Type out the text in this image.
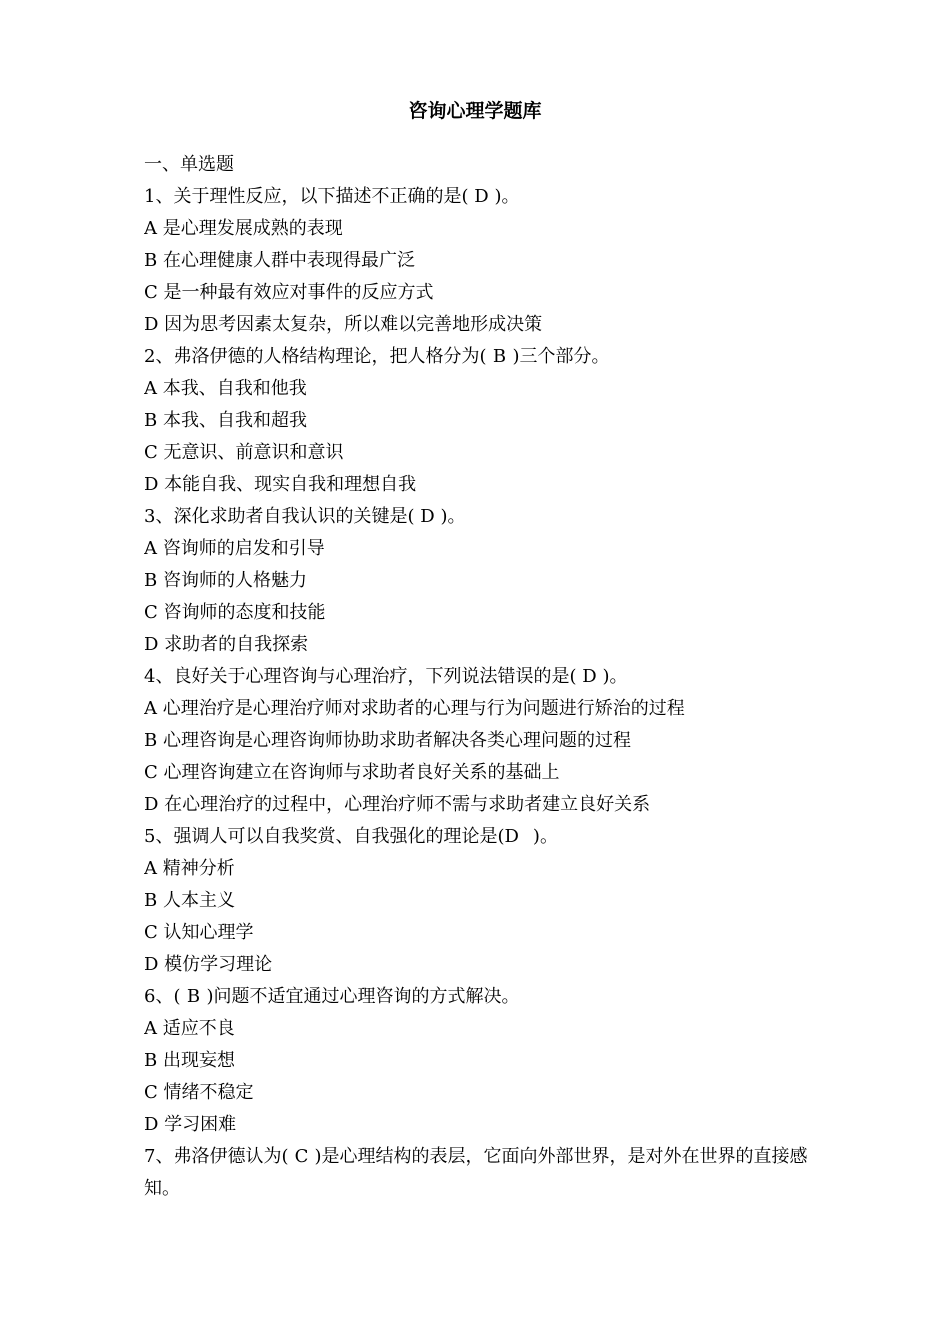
咨询心理学题库
一、单选题
1、关于理性反应，以下描述不正确的是( D )。
A 是心理发展成熟的表现
B 在心理健康人群中表现得最广泛
C 是一种最有效应对事件的反应方式
D 因为思考因素太复杂，所以难以完善地形成决策
2、弗洛伊德的人格结构理论，把人格分为( B )三个部分。
A 本我、自我和他我
B 本我、自我和超我
C 无意识、前意识和意识
D 本能自我、现实自我和理想自我
3、深化求助者自我认识的关键是( D )。
A 咨询师的启发和引导
B 咨询师的人格魅力
C 咨询师的态度和技能
D 求助者的自我探索
4、良好关于心理咨询与心理治疗，下列说法错误的是( D )。
A 心理治疗是心理治疗师对求助者的心理与行为问题进行矫治的过程
B 心理咨询是心理咨询师协助求助者解决各类心理问题的过程
C 心理咨询建立在咨询师与求助者良好关系的基础上
D 在心理治疗的过程中，心理治疗师不需与求助者建立良好关系
5、强调人可以自我奖赏、自我强化的理论是(D )。
A 精神分析
B 人本主义
C 认知心理学
D 模仿学习理论
6、( B )问题不适宜通过心理咨询的方式解决。
A 适应不良
B 出现妄想
C 情绪不稳定
D 学习困难
7、弗洛伊德认为( C )是心理结构的表层，它面向外部世界，是对外在世界的直接感知。
